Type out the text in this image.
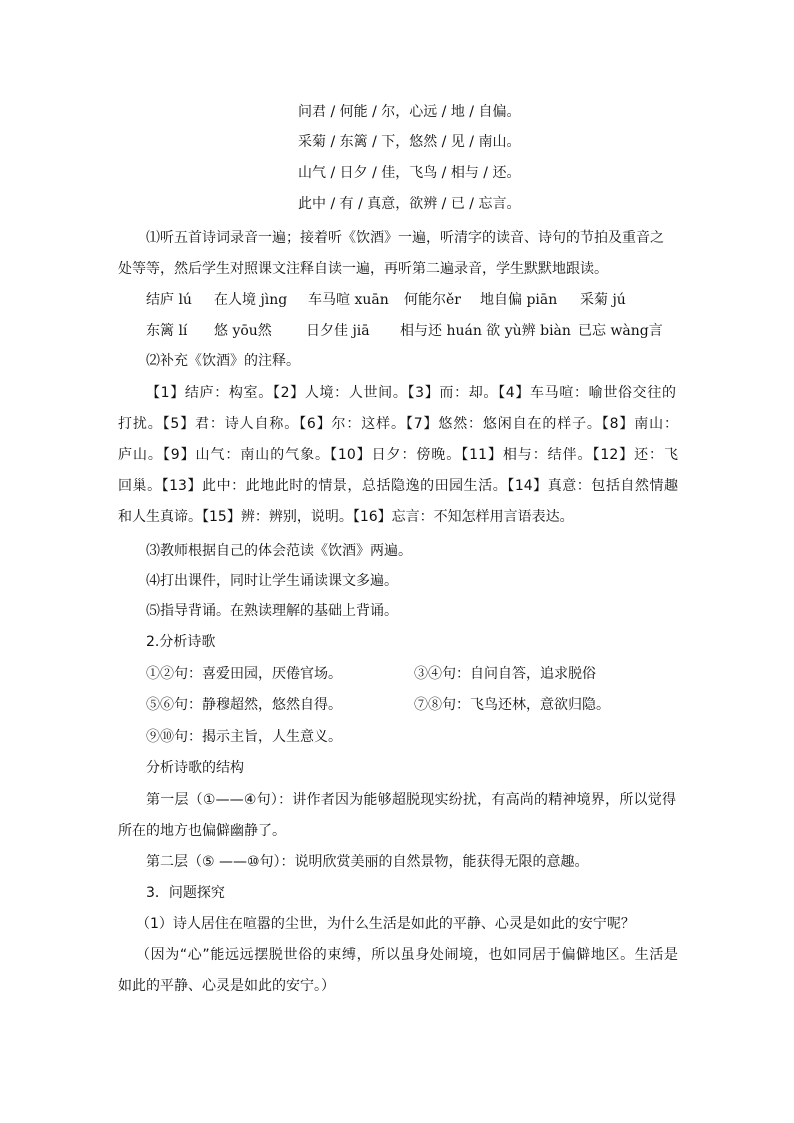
问君 / 何能 / 尔，心远 / 地 / 自偏。
采菊 / 东篱 / 下，悠然 / 见 / 南山。
山气 / 日夕 / 佳，飞鸟 / 相与 / 还。
此中 / 有 / 真意，欲辨 / 已 / 忘言。
⑴听五首诗词录音一遍；接着听《饮酒》一遍，听清字的读音、诗句的节拍及重音之
处等等，然后学生对照课文注释自读一遍，再听第二遍录音，学生默默地跟读。
结庐 lú 在人境 jìng 车马喧 xuān 何能尔ěr 地自偏 piān 采菊 jú
东篱 lí 悠 yōu然 日夕佳 jiā 相与还 huán 欲 yù辨 biàn 已忘 wàng言
⑵补充《饮酒》的注释。
【1】结庐：构室。【2】人境：人世间。【3】而：却。【4】车马喧：喻世俗交往的
打扰。【5】君：诗人自称。【6】尔：这样。【7】悠然：悠闲自在的样子。【8】南山：
庐山。【9】山气：南山的气象。【10】日夕：傍晚。【11】相与：结伴。【12】还：飞
回巢。【13】此中：此地此时的情景，总括隐逸的田园生活。【14】真意：包括自然情趣
和人生真谛。【15】辨：辨别，说明。【16】忘言：不知怎样用言语表达。
⑶教师根据自己的体会范读《饮酒》两遍。
⑷打出课件，同时让学生诵读课文多遍。
⑸指导背诵。在熟读理解的基础上背诵。
2.分析诗歌
①②句：喜爱田园，厌倦官场。	③④句：自问自答，追求脱俗
⑤⑥句：静穆超然，悠然自得。	⑦⑧句：飞鸟还林，意欲归隐。
⑨⑩句：揭示主旨，人生意义。
分析诗歌的结构
第一层（①——④句）：讲作者因为能够超脱现实纷扰，有高尚的精神境界，所以觉得
所在的地方也偏僻幽静了。
第二层（⑤ ——⑩句）：说明欣赏美丽的自然景物，能获得无限的意趣。
3．问题探究
（1）诗人居住在喧嚣的尘世，为什么生活是如此的平静、心灵是如此的安宁呢？
（因为“心”能远远摆脱世俗的束缚，所以虽身处闹境，也如同居于偏僻地区。生活是
如此的平静、心灵是如此的安宁。）
